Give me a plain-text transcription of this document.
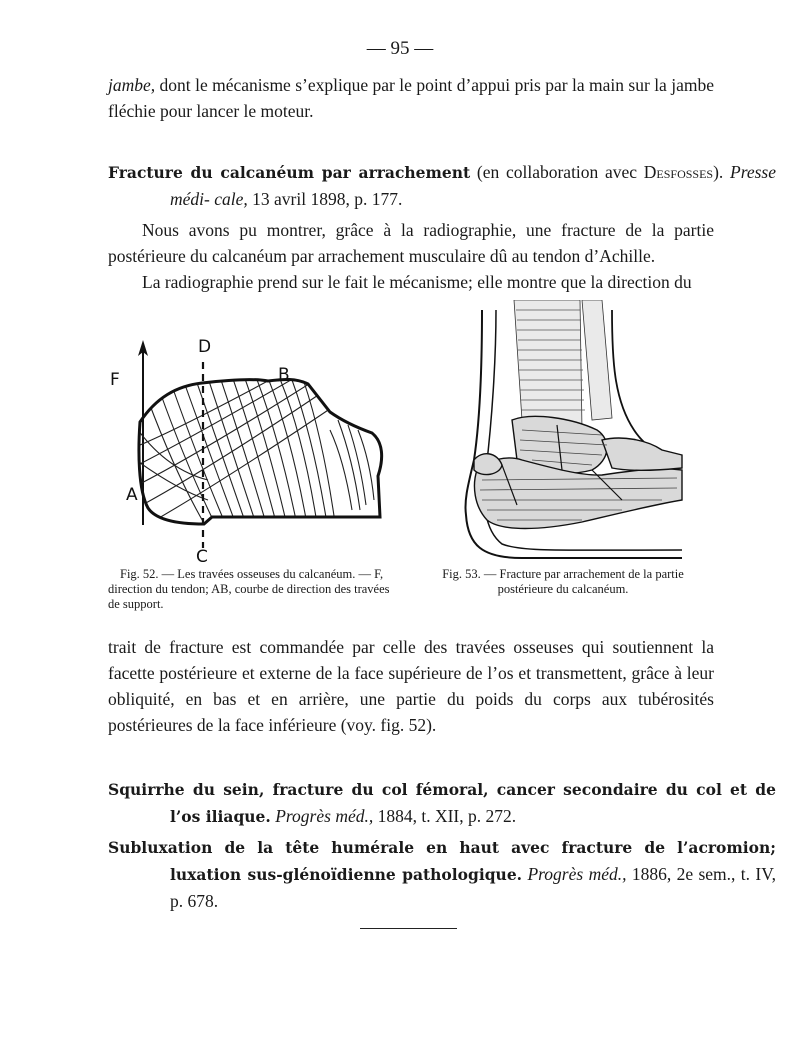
— 95 —

jambe, dont le mécanisme s’explique par le point d’appui pris par la main sur la jambe fléchie pour lancer le moteur.

Fracture du calcanéum par arrachement (en collaboration avec Desfosses). Presse médi- cale, 13 avril 1898, p. 177.

Nous avons pu montrer, grâce à la radiographie, une fracture de la partie postérieure du calcanéum par arrachement musculaire dû au tendon d’Achille.

La radiographie prend sur le fait le mécanisme; elle montre que la direction du

D
F	B
A
C

Fig. 52. — Les travées osseuses du calcanéum. — F, direction du tendon; AB, courbe de direction des travées de support.

Fig. 53. — Fracture par arrachement de la partie postérieure du calcanéum.

trait de fracture est commandée par celle des travées osseuses qui soutiennent la facette postérieure et externe de la face supérieure de l’os et transmettent, grâce à leur obliquité, en bas et en arrière, une partie du poids du corps aux tubérosités postérieures de la face inférieure (voy. fig. 52).

Squirrhe du sein, fracture du col fémoral, cancer secondaire du col et de l’os iliaque. Progrès méd., 1884, t. XII, p. 272.

Subluxation de la tête humérale en haut avec fracture de l’acromion; luxation sus-glénoïdienne pathologique. Progrès méd., 1886, 2e sem., t. IV, p. 678.
